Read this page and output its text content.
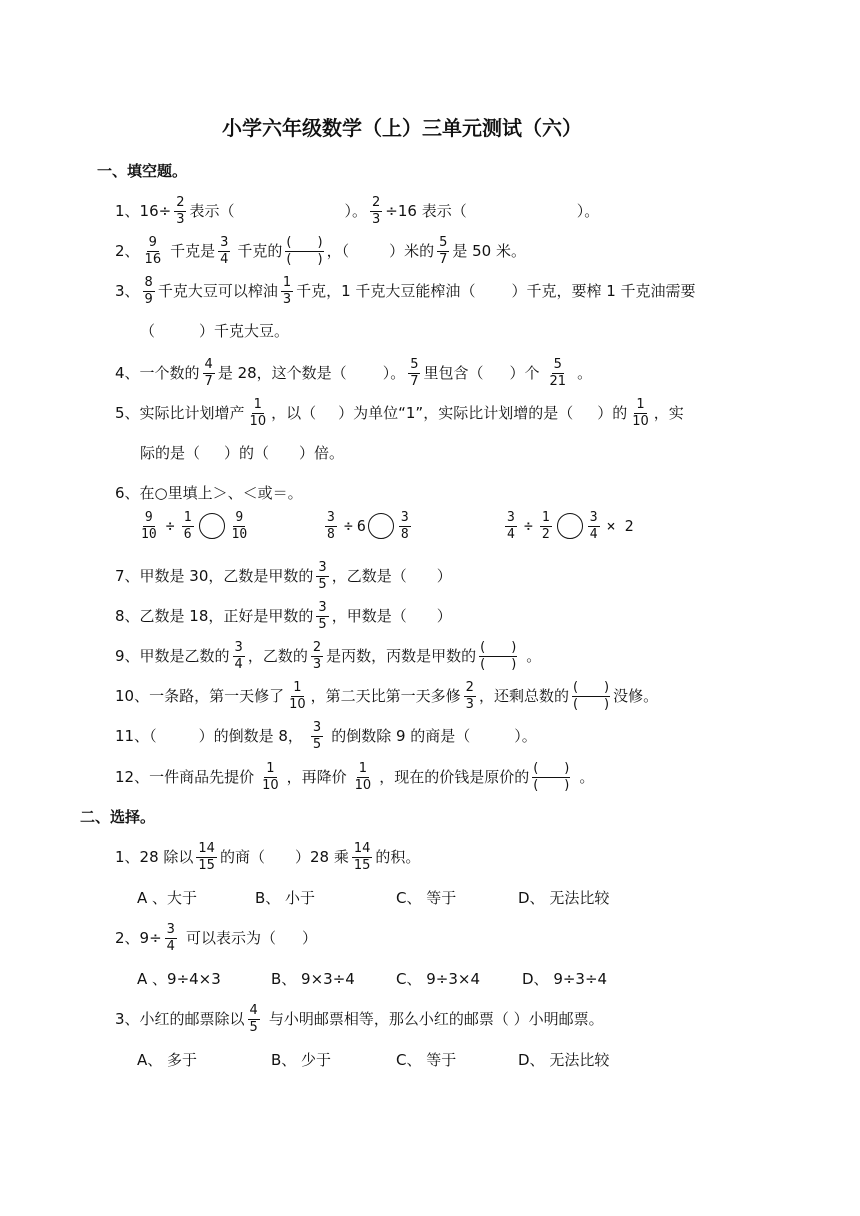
小学六年级数学（上）三单元测试（六）
一、填空题。
1、$16\div \frac{2}{3}$ 表示（	）。 $\frac{2}{3} \div 16$ 表示（	）。
2、 $\frac{9}{16}$ 千克是 $\frac{3}{4}$ 千克的 $\frac{( )}{( )}$ ，（	）米的 $\frac{5}{7}$ 是 50 米。
3、 $\frac{8}{9}$ 千克大豆可以榨油 $\frac{1}{3}$ 千克，1 千克大豆能榨油（ ）千克，要榨 1 千克油需要
（	）千克大豆。
4、一个数的 $\frac{4}{7}$ 是 28，这个数是（ ）。 $\frac{5}{7}$ 里包含（ ）个 $\frac{5}{21}$ 。
5、实际比计划增产 $\frac{1}{10}$ ，以（ ）为单位“1”，实际比计划增的是（ ）的 $\frac{1}{10}$ ，实
际的是（ ）的（ ）倍。
6、在○里填上＞、＜或＝。
$\frac{9}{10} \div \frac{1}{6}$	$\frac{9}{10}$	$\frac{3}{8} \div 6$	$\frac{3}{8}$	$\frac{3}{4} \div \frac{1}{2}$	$\frac{3}{4} \times 2$
7、甲数是 30，乙数是甲数的 $\frac{3}{5}$ ，乙数是（ ）
8、乙数是 18，正好是甲数的 $\frac{3}{5}$ ，甲数是（ ）
9、甲数是乙数的 $\frac{3}{4}$ ，乙数的 $\frac{2}{3}$ 是丙数，丙数是甲数的 $\frac{( )}{( )}$ 。
10、一条路，第一天修了 $\frac{1}{10}$ ，第二天比第一天多修 $\frac{2}{3}$ ，还剩总数的 $\frac{( )}{( )}$ 没修。
11、（	）的倒数是 8， $\frac{3}{5}$ 的倒数除 9 的商是（	）。
12、一件商品先提价 $\frac{1}{10}$ ，再降价 $\frac{1}{10}$ ，现在的价钱是原价的 $\frac{( )}{( )}$ 。
二、选择。
1、28 除以 $\frac{14}{15}$ 的商（ ）28 乘 $\frac{14}{15}$ 的积。
A 、大于	B、 小于	C、 等于	D、 无法比较
2、$9\div \frac{3}{4}$ 可以表示为（ ）
A 、9÷4×3	B、 9×3÷4	C、 9÷3×4	D、 9÷3÷4
3、小红的邮票除以 $\frac{4}{5}$ 与小明邮票相等，那么小红的邮票（ ）小明邮票。
A、 多于	B、 少于	C、 等于	D、 无法比较
